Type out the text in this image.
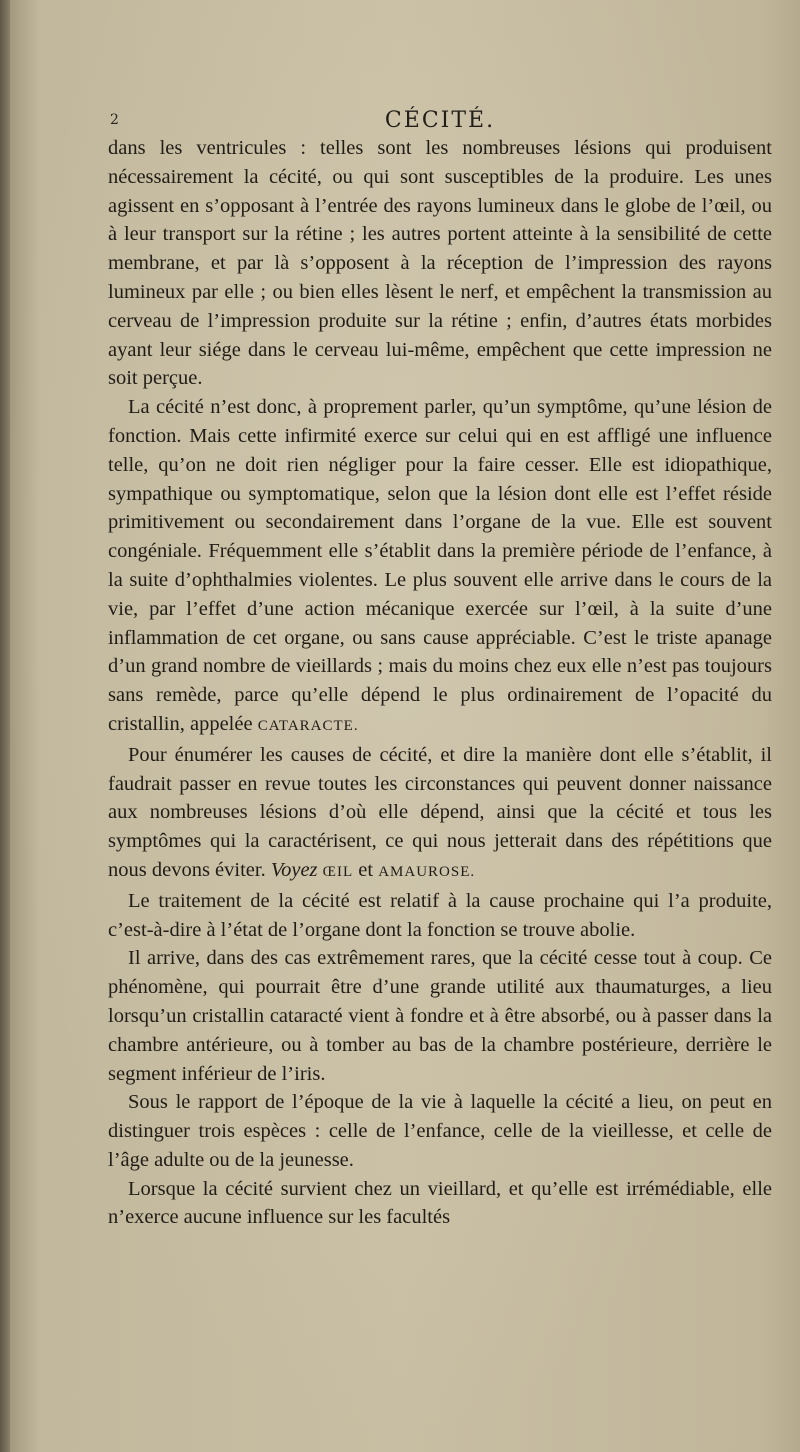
2	CÉCITÉ.

dans les ventricules : telles sont les nombreuses lésions qui produisent nécessairement la cécité, ou qui sont susceptibles de la produire. Les unes agissent en s’opposant à l’entrée des rayons lumineux dans le globe de l’œil, ou à leur transport sur la rétine ; les autres portent atteinte à la sensibilité de cette membrane, et par là s’opposent à la réception de l’impression des rayons lumineux par elle ; ou bien elles lèsent le nerf, et empêchent la transmission au cerveau de l’impression produite sur la rétine ; enfin, d’autres états morbides ayant leur siége dans le cerveau lui-même, empêchent que cette impression ne soit perçue.

La cécité n’est donc, à proprement parler, qu’un symptôme, qu’une lésion de fonction. Mais cette infirmité exerce sur celui qui en est affligé une influence telle, qu’on ne doit rien négliger pour la faire cesser. Elle est idiopathique, sympathique ou symptomatique, selon que la lésion dont elle est l’effet réside primitivement ou secondairement dans l’organe de la vue. Elle est souvent congéniale. Fréquemment elle s’établit dans la première période de l’enfance, à la suite d’ophthalmies violentes. Le plus souvent elle arrive dans le cours de la vie, par l’effet d’une action mécanique exercée sur l’œil, à la suite d’une inflammation de cet organe, ou sans cause appréciable. C’est le triste apanage d’un grand nombre de vieillards ; mais du moins chez eux elle n’est pas toujours sans remède, parce qu’elle dépend le plus ordinairement de l’opacité du cristallin, appelée CATARACTE.

Pour énumérer les causes de cécité, et dire la manière dont elle s’établit, il faudrait passer en revue toutes les circonstances qui peuvent donner naissance aux nombreuses lésions d’où elle dépend, ainsi que la cécité et tous les symptômes qui la caractérisent, ce qui nous jetterait dans des répétitions que nous devons éviter. Voyez ŒIL et AMAUROSE.

Le traitement de la cécité est relatif à la cause prochaine qui l’a produite, c’est-à-dire à l’état de l’organe dont la fonction se trouve abolie.

Il arrive, dans des cas extrêmement rares, que la cécité cesse tout à coup. Ce phénomène, qui pourrait être d’une grande utilité aux thaumaturges, a lieu lorsqu’un cristallin cataracté vient à fondre et à être absorbé, ou à passer dans la chambre antérieure, ou à tomber au bas de la chambre postérieure, derrière le segment inférieur de l’iris.

Sous le rapport de l’époque de la vie à laquelle la cécité a lieu, on peut en distinguer trois espèces : celle de l’enfance, celle de la vieillesse, et celle de l’âge adulte ou de la jeunesse.

Lorsque la cécité survient chez un vieillard, et qu’elle est irrémédiable, elle n’exerce aucune influence sur les facultés
